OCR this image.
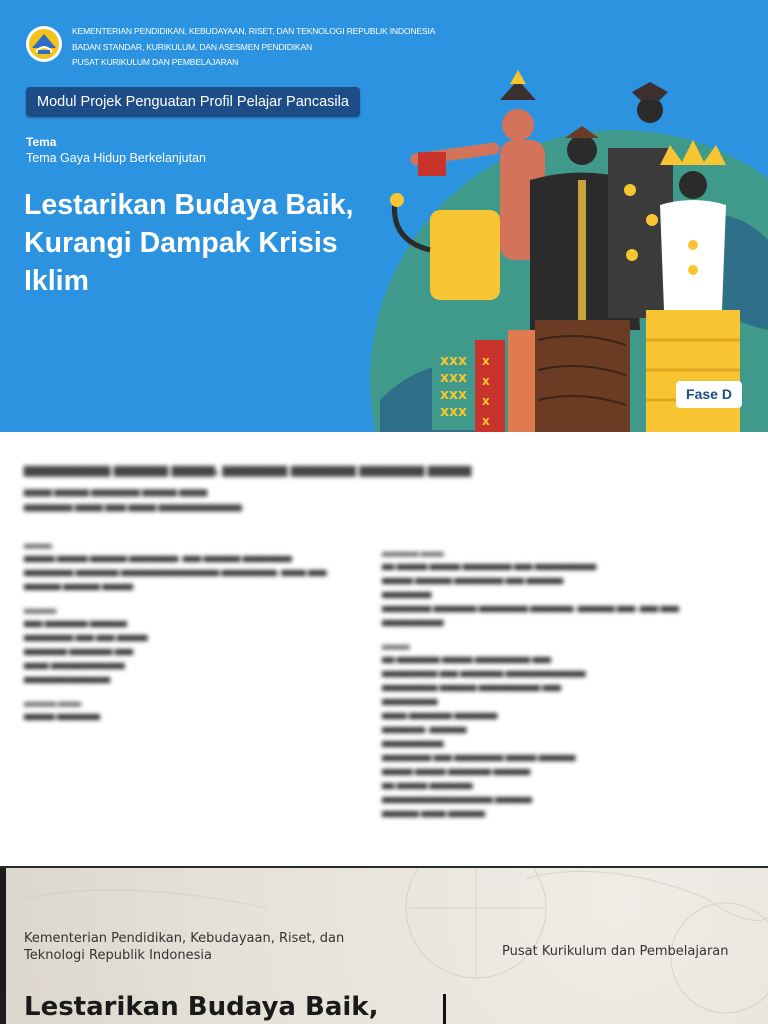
KEMENTERIAN PENDIDIKAN, KEBUDAYAAN, RISET, DAN TEKNOLOGI REPUBLIK INDONESIA
BADAN STANDAR, KURIKULUM, DAN ASESMEN PENDIDIKAN
PUSAT KURIKULUM DAN PEMBELAJARAN
Modul Projek Penguatan Profil Pelajar Pancasila
Tema
Tema Gaya Hidup Berkelanjutan
Lestarikan Budaya Baik,
Kurangi Dampak Krisis
Iklim
xxx
xxx
xxx
xxx
x
x
x
x
Fase D
▅▅▅▅▅▅▅▅ ▅▅▅▅▅ ▅▅▅▅, ▅▅▅▅▅▅ ▅▅▅▅▅▅ ▅▅▅▅▅▅ ▅▅▅▅
▅▅▅▅ ▅▅▅▅▅ ▅▅▅▅▅▅▅ ▅▅▅▅▅ ▅▅▅▅
▅▅▅▅▅▅▅ ▅▅▅▅ ▅▅▅ ▅▅▅▅ ▅▅▅▅▅▅▅▅▅▅▅▅
▅▅▅▅▅▅
▅▅▅▅▅ ▅▅▅▅▅ ▅▅▅▅▅▅ ▅▅▅▅▅▅▅▅, ▅▅▅ ▅▅▅▅▅▅ ▅▅▅▅▅▅▅▅
▅▅▅▅▅▅▅▅ ▅▅▅▅▅▅▅ ▅▅▅▅▅▅▅▅▅▅▅▅▅▅▅▅ ▅▅▅▅▅▅▅▅▅, ▅▅▅▅ ▅▅▅
▅▅▅▅▅▅ ▅▅▅▅▅▅ ▅▅▅▅▅
▅▅▅▅▅▅▅
▅▅▅ ▅▅▅▅▅▅▅ ▅▅▅▅▅▅
▅▅▅▅▅▅▅▅ ▅▅▅ ▅▅▅ ▅▅▅▅▅
▅▅▅▅▅▅▅ ▅▅▅▅▅▅▅ ▅▅▅
▅▅▅▅ ▅▅▅▅▅▅▅▅▅▅▅▅
▅▅▅▅▅▅▅▅▅▅▅▅▅▅
▅▅▅▅▅▅▅ ▅▅▅▅▅
▅▅▅▅▅ ▅▅▅▅▅▅▅
▅▅▅▅▅▅▅▅ ▅▅▅▅▅
▅▅ ▅▅▅▅▅ ▅▅▅▅▅ ▅▅▅▅▅▅▅▅ ▅▅▅ ▅▅▅▅▅▅▅▅▅▅
▅▅▅▅▅ ▅▅▅▅▅▅ ▅▅▅▅▅▅▅▅ ▅▅▅ ▅▅▅▅▅▅
▅▅▅▅▅▅▅▅
▅▅▅▅▅▅▅▅ ▅▅▅▅▅▅▅ ▅▅▅▅▅▅▅▅ ▅▅▅▅▅▅▅, ▅▅▅▅▅▅ ▅▅▅, ▅▅▅ ▅▅▅
▅▅▅▅▅▅▅▅▅▅
▅▅▅▅▅▅
▅▅ ▅▅▅▅▅▅▅ ▅▅▅▅▅ ▅▅▅▅▅▅▅▅▅ ▅▅▅
▅▅▅▅▅▅▅▅▅ ▅▅▅ ▅▅▅▅▅▅▅ ▅▅▅▅▅▅▅▅▅▅▅▅▅
▅▅▅▅▅▅▅▅▅ ▅▅▅▅▅▅ ▅▅▅▅▅▅▅▅▅▅ ▅▅▅
▅▅▅▅▅▅▅▅▅
▅▅▅▅ ▅▅▅▅▅▅▅ ▅▅▅▅▅▅▅
▅▅▅▅▅▅▅, ▅▅▅▅▅▅
▅▅▅▅▅▅▅▅▅▅
▅▅▅▅▅▅▅▅ ▅▅▅ ▅▅▅▅▅▅▅▅ ▅▅▅▅▅ ▅▅▅▅▅▅
▅▅▅▅▅ ▅▅▅▅▅ ▅▅▅▅▅▅▅ ▅▅▅▅▅▅
▅▅ ▅▅▅▅▅ ▅▅▅▅▅▅▅
▅▅▅▅▅▅▅▅▅▅▅▅▅▅▅▅▅▅ ▅▅▅▅▅▅
▅▅▅▅▅▅ ▅▅▅▅ ▅▅▅▅▅▅
Kementerian Pendidikan, Kebudayaan, Riset, dan
Teknologi Republik Indonesia	Pusat Kurikulum dan Pembelajaran
Lestarikan Budaya Baik,
